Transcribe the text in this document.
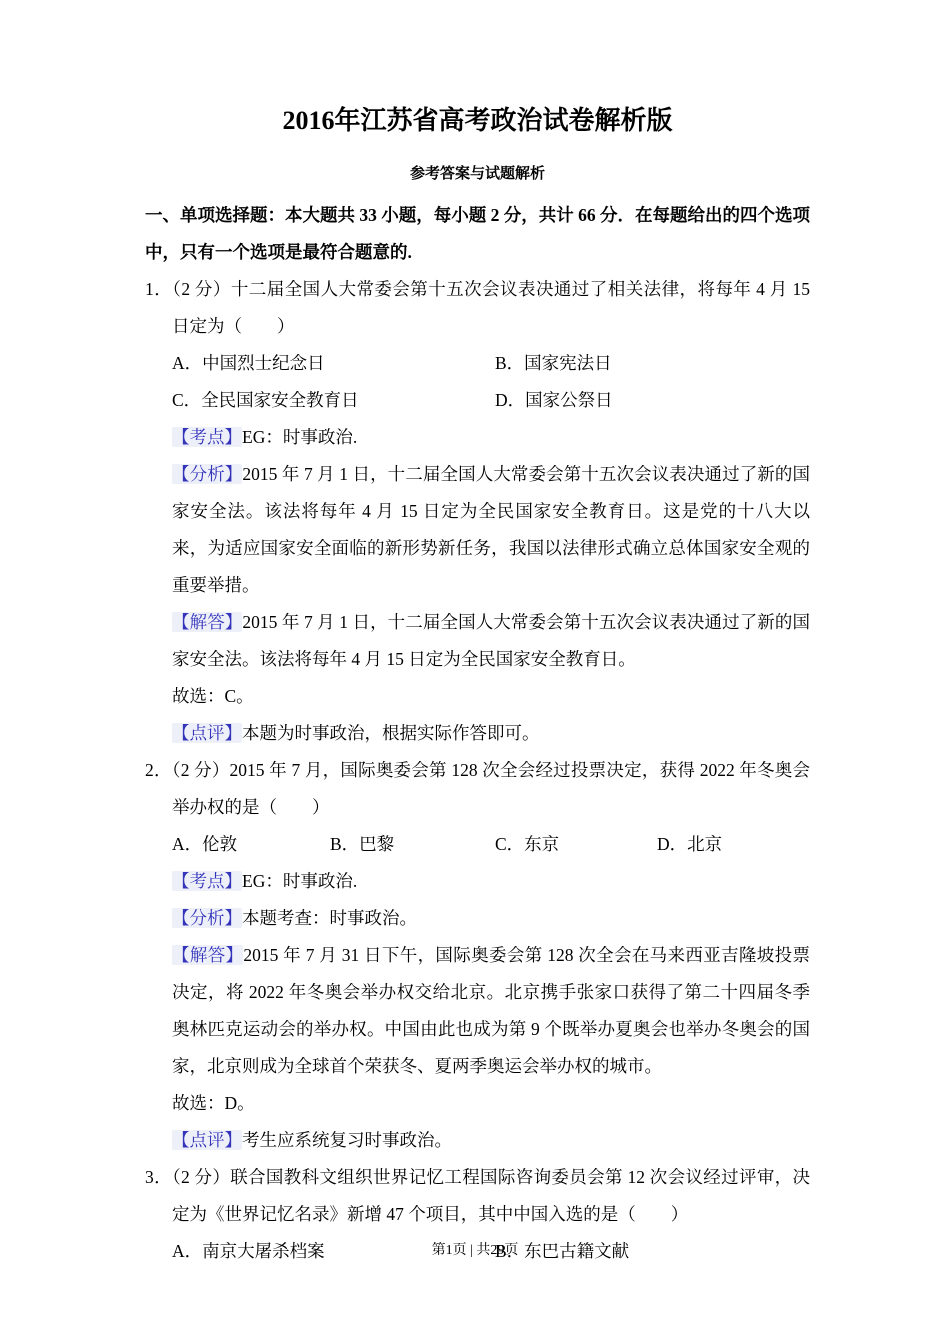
2016年江苏省高考政治试卷解析版
参考答案与试题解析

一、单项选择题：本大题共 33 小题，每小题 2 分，共计 66 分．在每题给出的四个选项中，只有一个选项是最符合题意的.

1．（2 分）十二届全国人大常委会第十五次会议表决通过了相关法律，将每年 4 月 15 日定为（　　）

A．中国烈士纪念日	B．国家宪法日
C．全民国家安全教育日	D．国家公祭日

【考点】EG：时事政治.

【分析】2015 年 7 月 1 日，十二届全国人大常委会第十五次会议表决通过了新的国家安全法。该法将每年 4 月 15 日定为全民国家安全教育日。这是党的十八大以来，为适应国家安全面临的新形势新任务，我国以法律形式确立总体国家安全观的重要举措。

【解答】2015 年 7 月 1 日，十二届全国人大常委会第十五次会议表决通过了新的国家安全法。该法将每年 4 月 15 日定为全民国家安全教育日。

故选：C。

【点评】本题为时事政治，根据实际作答即可。

2．（2 分）2015 年 7 月，国际奥委会第 128 次全会经过投票决定，获得 2022 年冬奥会举办权的是（　　）

A．伦敦	B．巴黎	C．东京	D．北京

【考点】EG：时事政治.

【分析】本题考查：时事政治。

【解答】2015 年 7 月 31 日下午，国际奥委会第 128 次全会在马来西亚吉隆坡投票决定，将 2022 年冬奥会举办权交给北京。北京携手张家口获得了第二十四届冬季奥林匹克运动会的举办权。中国由此也成为第 9 个既举办夏奥会也举办冬奥会的国家，北京则成为全球首个荣获冬、夏两季奥运会举办权的城市。

故选：D。

【点评】考生应系统复习时事政治。

3．（2 分）联合国教科文组织世界记忆工程国际咨询委员会第 12 次会议经过评审，决定为《世界记忆名录》新增 47 个项目，其中中国入选的是（　　）

A．南京大屠杀档案	B．东巴古籍文献
第1页 | 共29页
